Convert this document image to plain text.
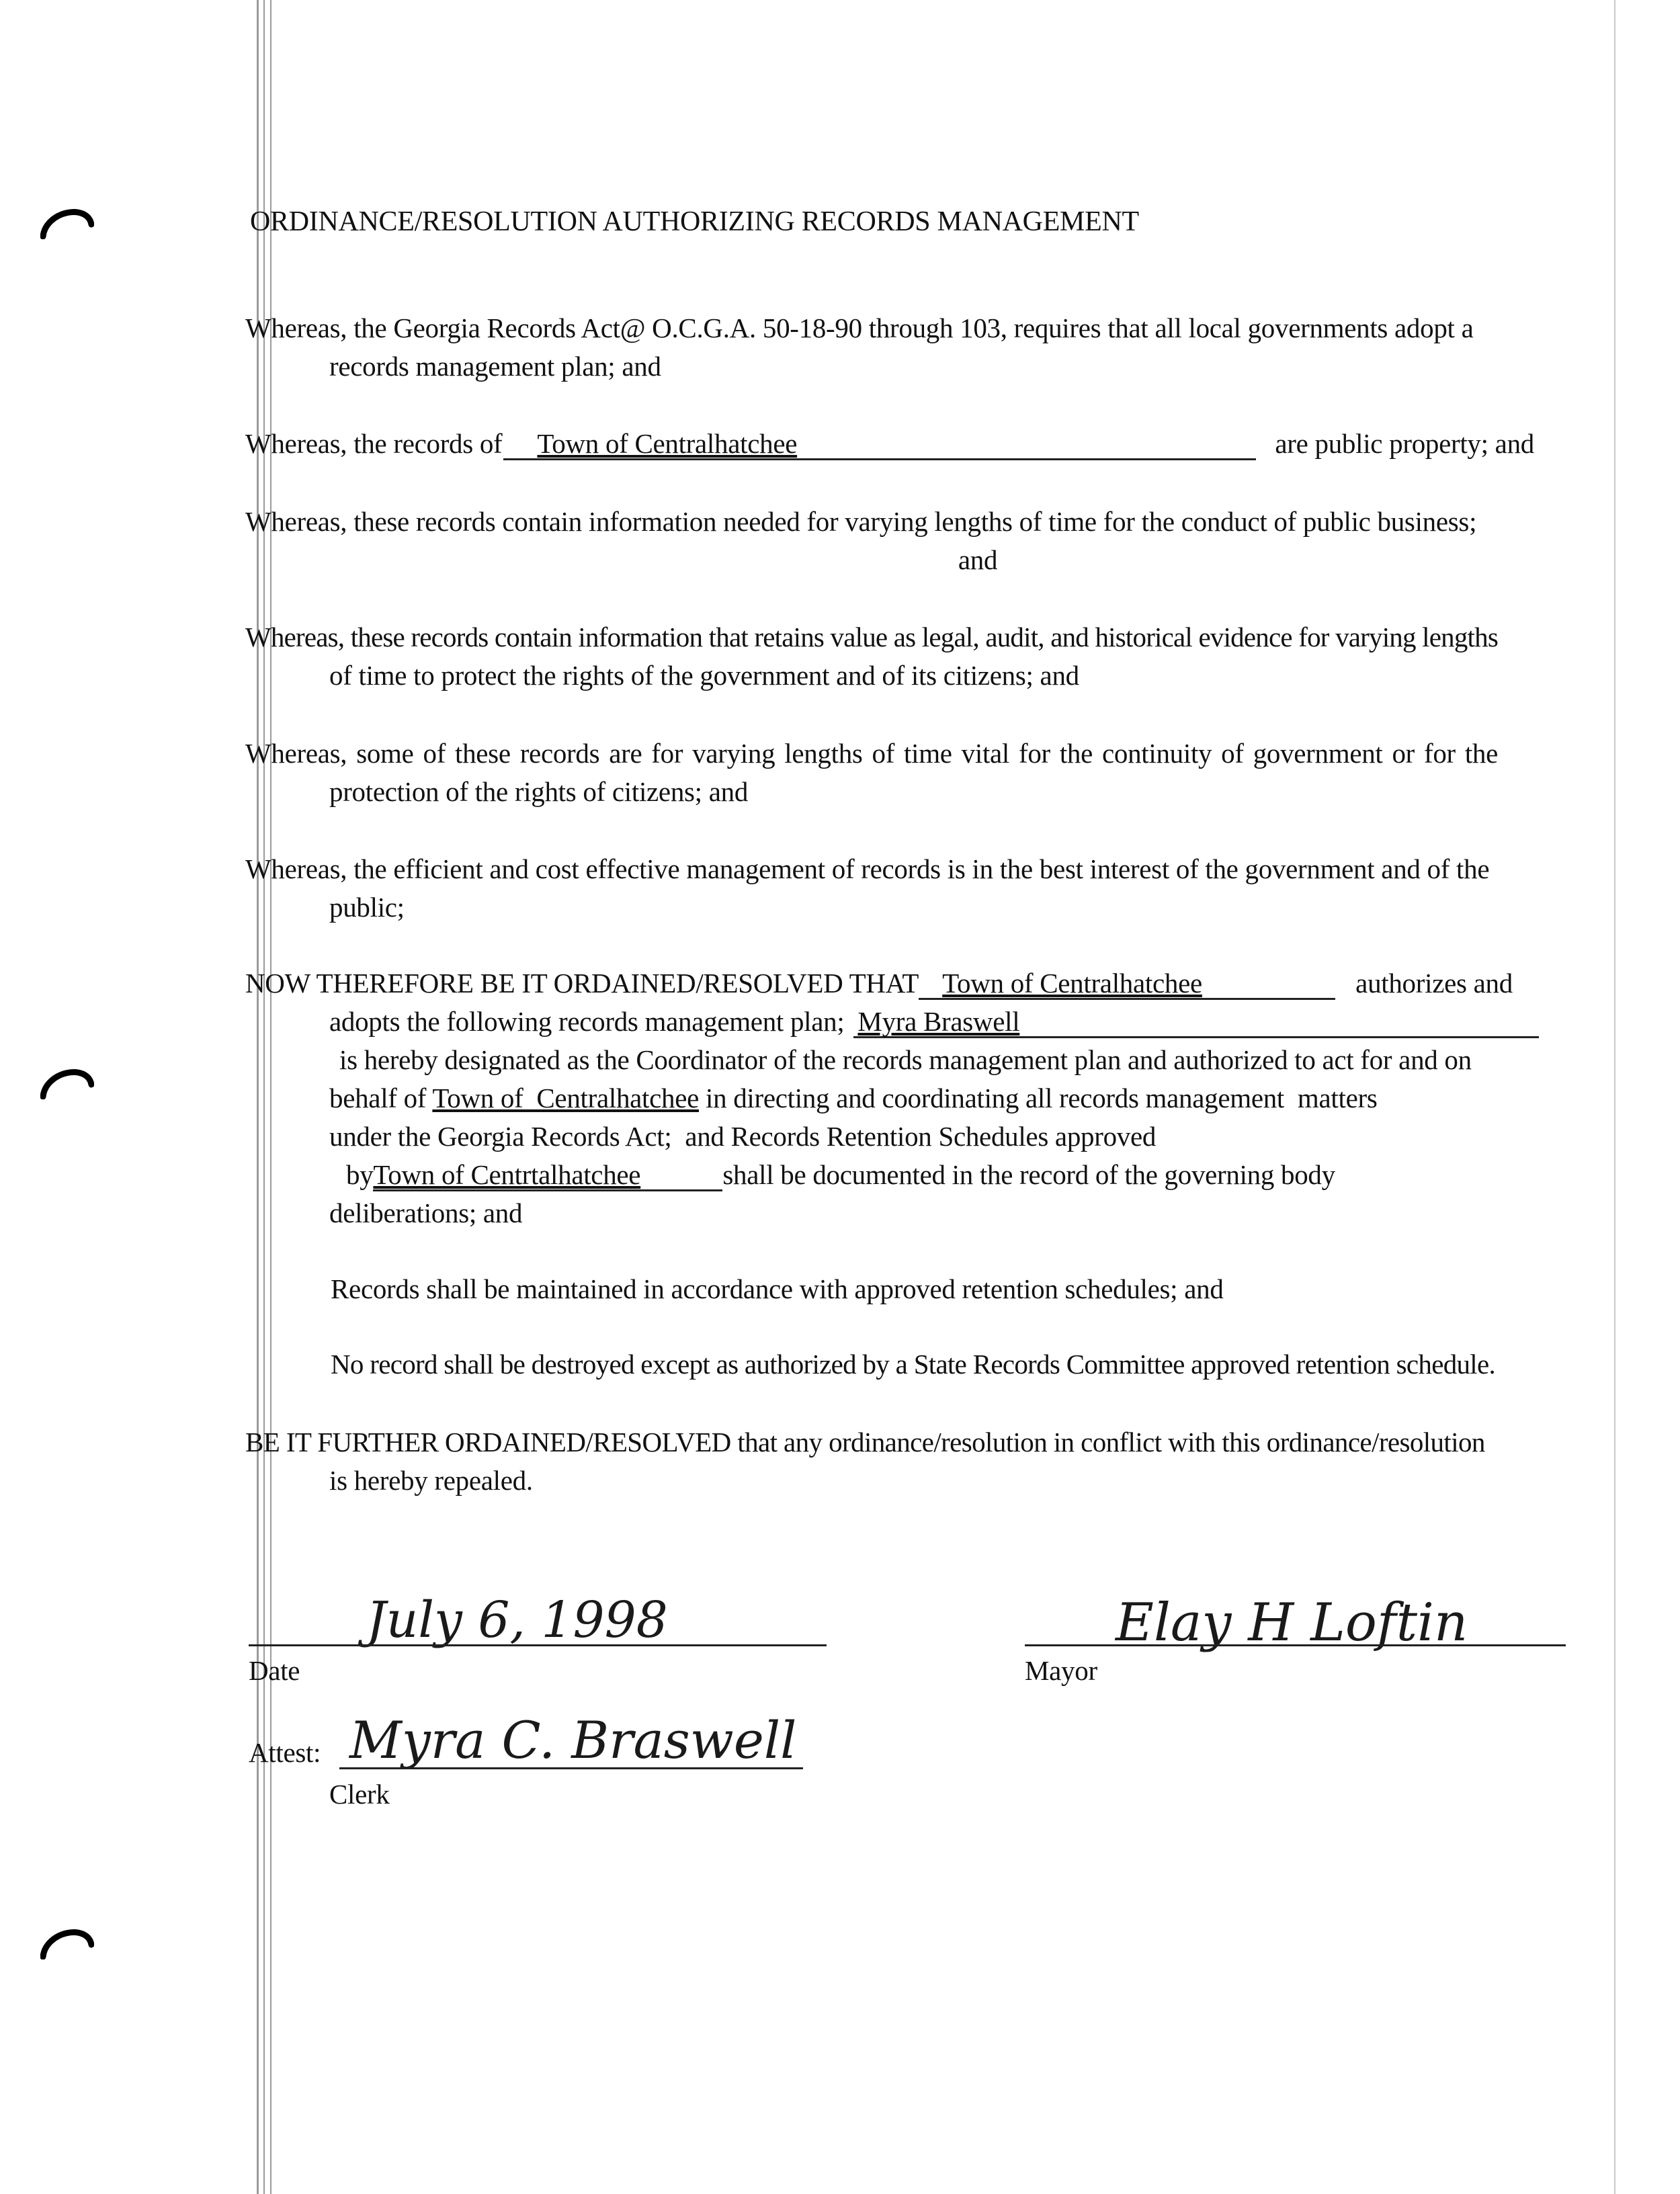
ORDINANCE/RESOLUTION AUTHORIZING RECORDS MANAGEMENT
Whereas, the Georgia Records Act@ O.C.G.A. 50-18-90 through 103, requires that all local governments adopt a
records management plan; and
Whereas, the records of Town of Centralhatchee	are public property; and
Whereas, these records contain information needed for varying lengths of time for the conduct of public business;
and
Whereas, these records contain information that retains value as legal, audit, and historical evidence for varying lengths
of time to protect the rights of the government and of its citizens; and
Whereas, some of these records are for varying lengths of time vital for the continuity of government or for the
protection of the rights of citizens; and
Whereas, the efficient and cost effective management of records is in the best interest of the government and of the
public;
NOW THEREFORE BE IT ORDAINED/RESOLVED THAT Town of Centralhatchee	authorizes and
adopts the following records management plan; Myra Braswell
is hereby designated as the Coordinator of the records management plan and authorized to act for and on
behalf of Town of  Centralhatchee in directing and coordinating all records management  matters
under the Georgia Records Act;  and Records Retention Schedules approved
byTown of Centrtalhatchee	shall be documented in the record of the governing body
deliberations; and
Records shall be maintained in accordance with approved retention schedules; and
No record shall be destroyed except as authorized by a State Records Committee approved retention schedule.
BE IT FURTHER ORDAINED/RESOLVED that any ordinance/resolution in conflict with this ordinance/resolution
is hereby repealed.
July 6, 1998
Date
Elay H Loftin
Mayor
Attest: Myra C. Braswell
Clerk
